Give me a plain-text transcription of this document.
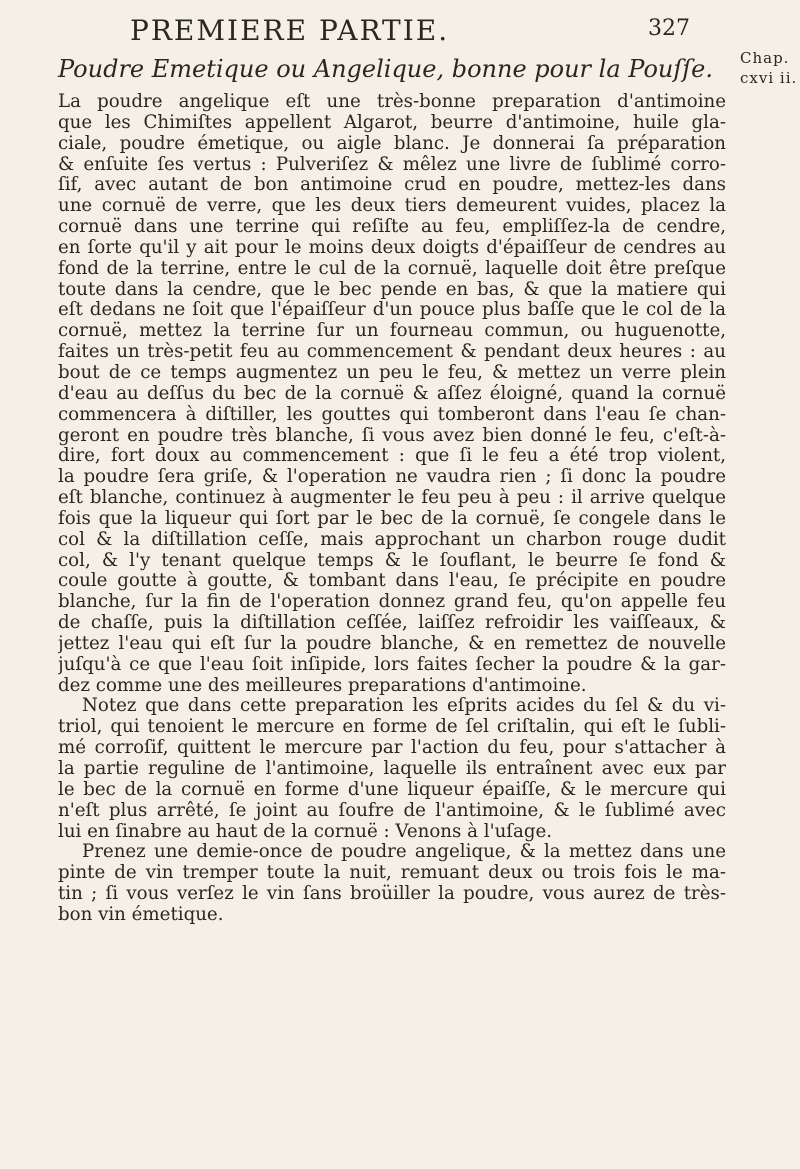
PREMIERE PARTIE.	327
Chap.
cxvi ii.
Poudre Emetique ou Angelique, bonne pour la Pouſſe.
La poudre angelique eſt une très-bonne preparation d'antimoine
que les Chimiſtes appellent Algarot, beurre d'antimoine, huile gla-
ciale, poudre émetique, ou aigle blanc. Je donnerai ſa préparation
& enſuite ſes vertus : Pulveriſez & mêlez une livre de ſublimé corro-
ſif, avec autant de bon antimoine crud en poudre, mettez-les dans
une cornuë de verre, que les deux tiers demeurent vuides, placez la
cornuë dans une terrine qui reſiſte au feu, empliſſez-la de cendre,
en ſorte qu'il y ait pour le moins deux doigts d'épaiſſeur de cendres au
fond de la terrine, entre le cul de la cornuë, laquelle doit être preſque
toute dans la cendre, que le bec pende en bas, & que la matiere qui
eſt dedans ne ſoit que l'épaiſſeur d'un pouce plus baſſe que le col de la
cornuë, mettez la terrine ſur un fourneau commun, ou huguenotte,
faites un très-petit feu au commencement & pendant deux heures : au
bout de ce temps augmentez un peu le feu, & mettez un verre plein
d'eau au deſſus du bec de la cornuë & aſſez éloigné, quand la cornuë
commencera à diſtiller, les gouttes qui tomberont dans l'eau ſe chan-
geront en poudre très blanche, ſi vous avez bien donné le feu, c'eſt-à-
dire, fort doux au commencement : que ſi le feu a été trop violent,
la poudre ſera griſe, & l'operation ne vaudra rien ; ſi donc la poudre
eſt blanche, continuez à augmenter le feu peu à peu : il arrive quelque
fois que la liqueur qui ſort par le bec de la cornuë, ſe congele dans le
col & la diſtillation ceſſe, mais approchant un charbon rouge dudit
col, & l'y tenant quelque temps & le ſouflant, le beurre ſe fond &
coule goutte à goutte, & tombant dans l'eau, ſe précipite en poudre
blanche, ſur la fin de l'operation donnez grand feu, qu'on appelle feu
de chaſſe, puis la diſtillation ceſſée, laiſſez refroidir les vaiſſeaux, &
jettez l'eau qui eſt ſur la poudre blanche, & en remettez de nouvelle
juſqu'à ce que l'eau ſoit inſipide, lors faites ſecher la poudre & la gar-
dez comme une des meilleures preparations d'antimoine.
Notez que dans cette preparation les eſprits acides du ſel & du vi-
triol, qui tenoient le mercure en forme de ſel criſtalin, qui eſt le ſubli-
mé corroſif, quittent le mercure par l'action du feu, pour s'attacher à
la partie reguline de l'antimoine, laquelle ils entraînent avec eux par
le bec de la cornuë en forme d'une liqueur épaiſſe, & le mercure qui
n'eſt plus arrêté, ſe joint au ſoufre de l'antimoine, & le ſublimé avec
lui en ſinabre au haut de la cornuë : Venons à l'uſage.
Prenez une demie-once de poudre angelique, & la mettez dans une
pinte de vin tremper toute la nuit, remuant deux ou trois fois le ma-
tin ; ſi vous verſez le vin ſans broüiller la poudre, vous aurez de très-
bon vin émetique.
